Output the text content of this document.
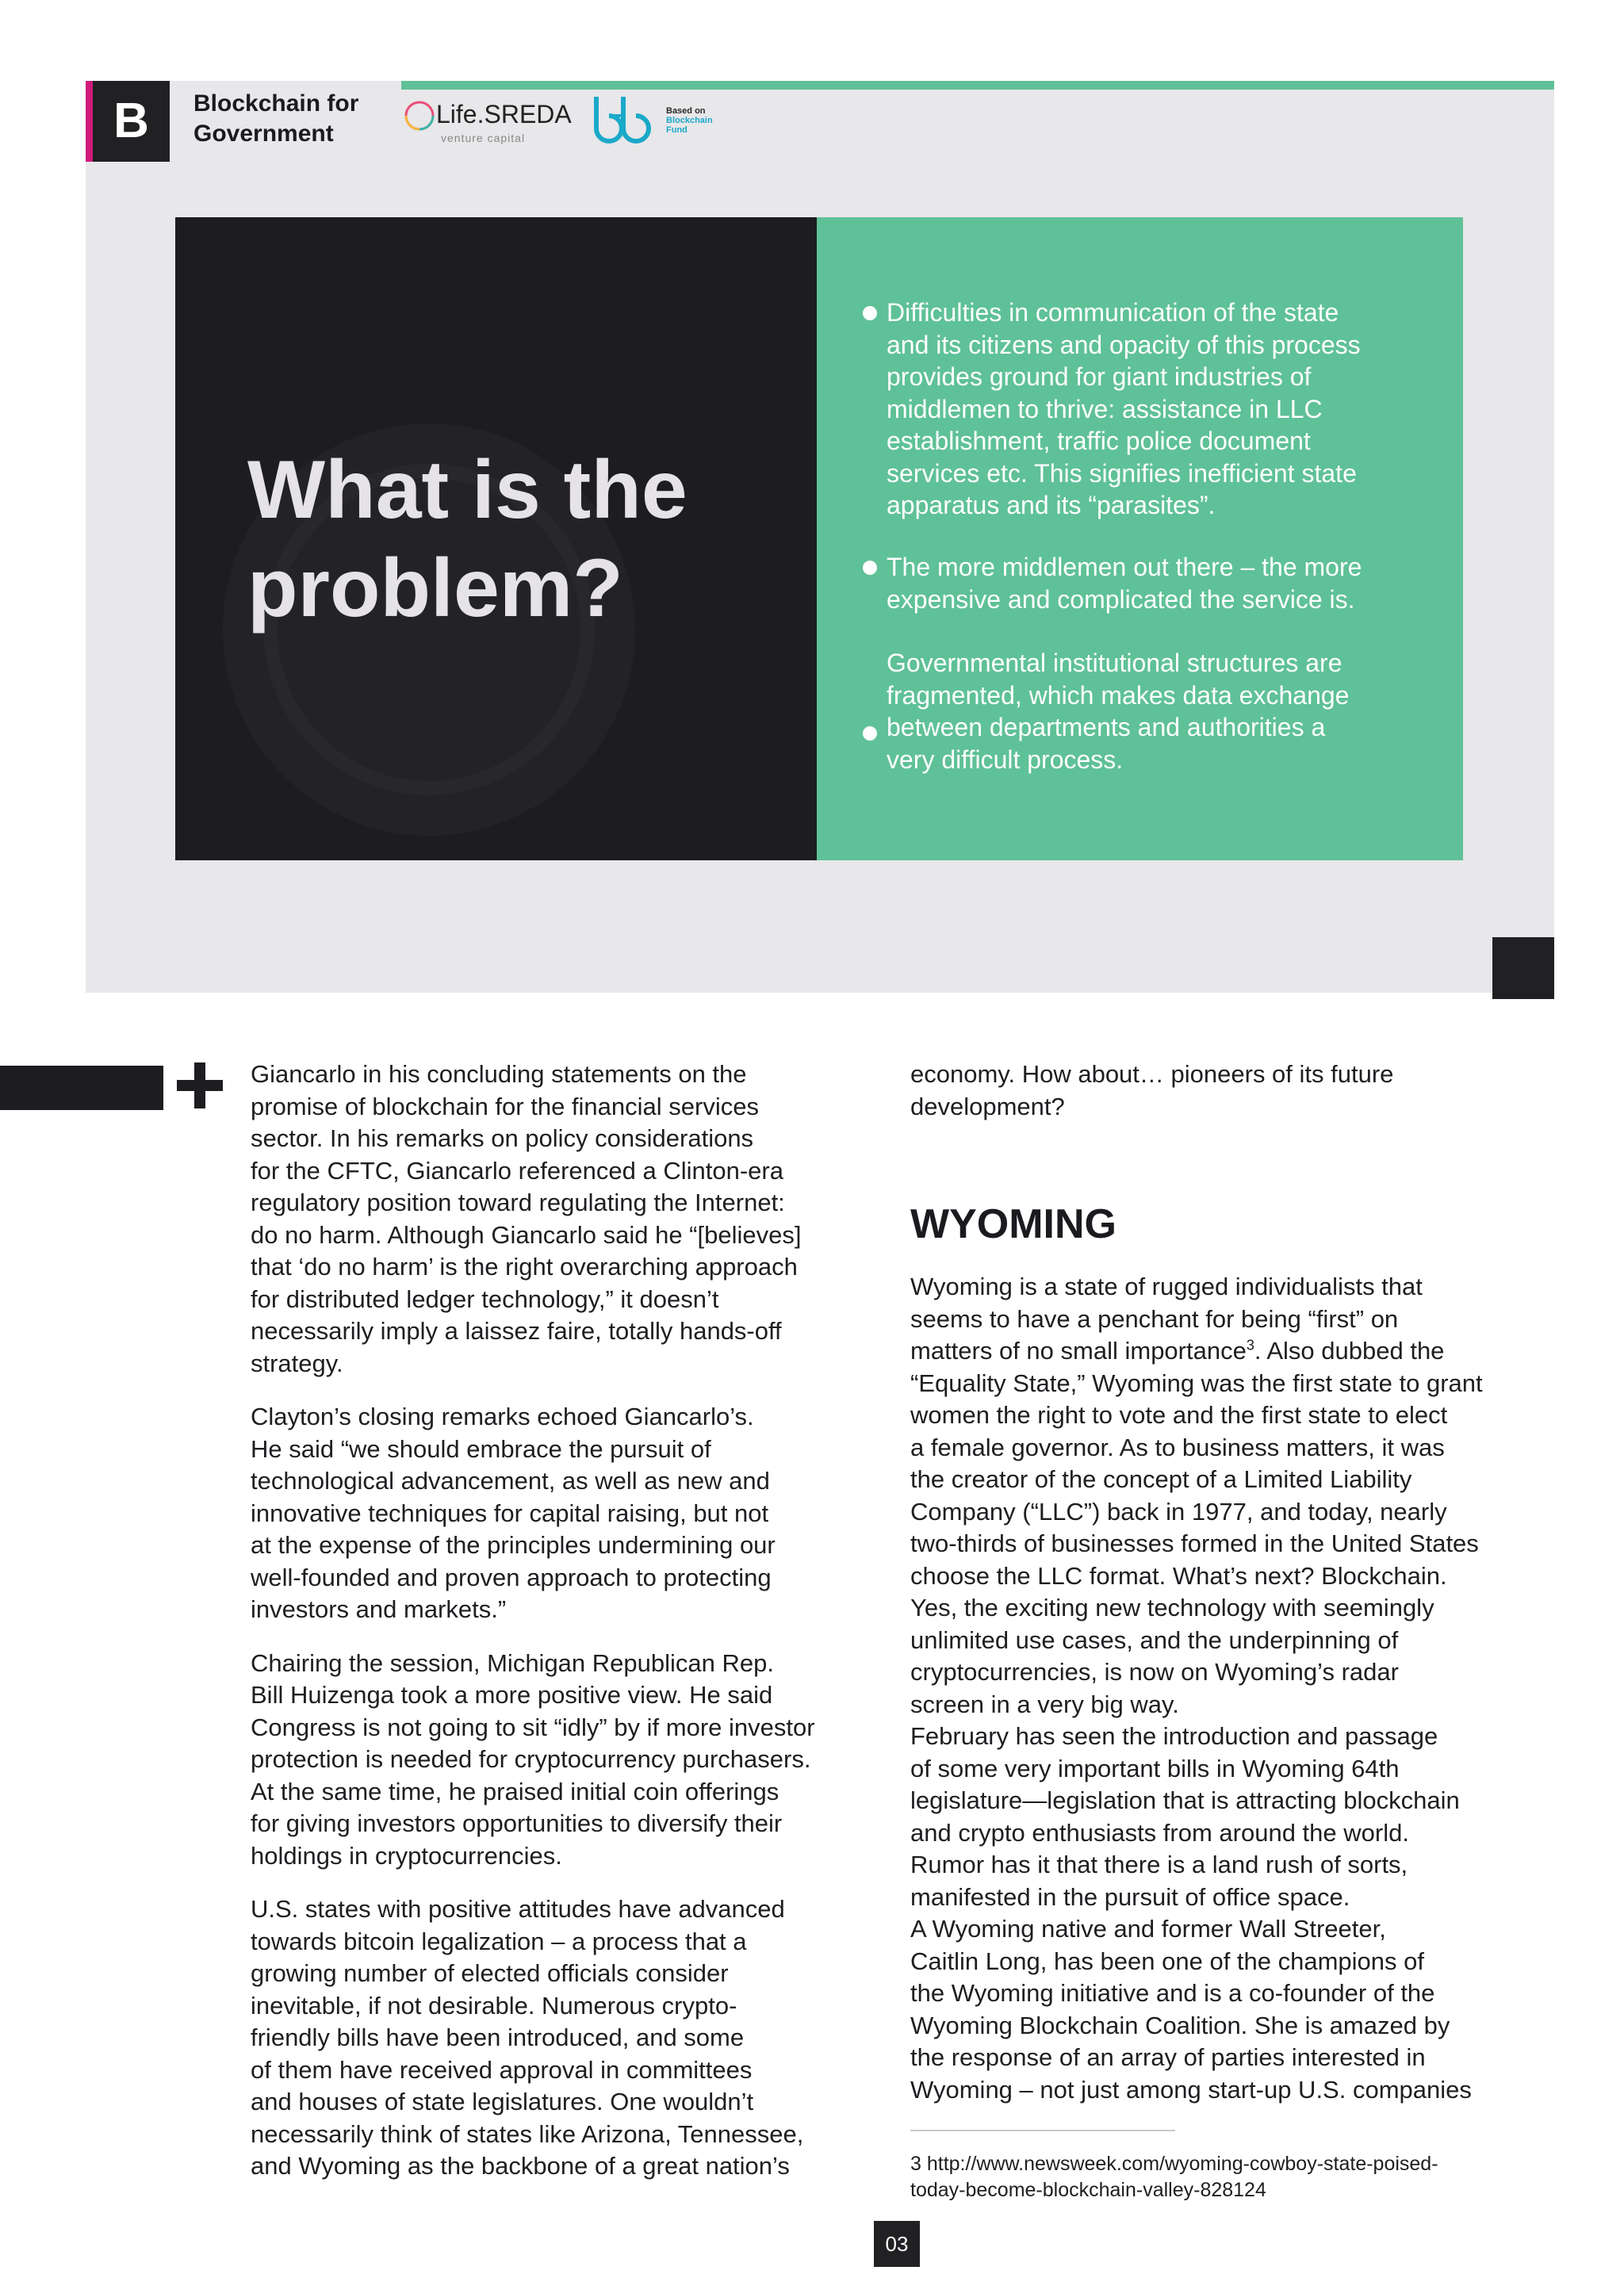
B	Blockchain for
Government
Life.SREDA
venture capital
Based on
Blockchain
Fund
What is the
problem?
Difficulties in communication of the state
and its citizens and opacity of this process
provides ground for giant industries of
middlemen to thrive: assistance in LLC
establishment, traffic police document
services etc. This signifies inefficient state
apparatus and its “parasites”.
The more middlemen out there – the more
expensive and complicated the service is.
Governmental institutional structures are
fragmented, which makes data exchange
between departments and authorities a
very difficult process.

Giancarlo in his concluding statements on the
promise of blockchain for the financial services
sector. In his remarks on policy considerations
for the CFTC, Giancarlo referenced a Clinton-era
regulatory position toward regulating the Internet:
do no harm. Although Giancarlo said he “[believes]
that ‘do no harm’ is the right overarching approach
for distributed ledger technology,” it doesn’t
necessarily imply a laissez faire, totally hands-off
strategy.

Clayton’s closing remarks echoed Giancarlo’s.
He said “we should embrace the pursuit of
technological advancement, as well as new and
innovative techniques for capital raising, but not
at the expense of the principles undermining our
well-founded and proven approach to protecting
investors and markets.”

Chairing the session, Michigan Republican Rep.
Bill Huizenga took a more positive view. He said
Congress is not going to sit “idly” by if more investor
protection is needed for cryptocurrency purchasers.
At the same time, he praised initial coin offerings
for giving investors opportunities to diversify their
holdings in cryptocurrencies.

U.S. states with positive attitudes have advanced
towards bitcoin legalization – a process that a
growing number of elected officials consider
inevitable, if not desirable. Numerous crypto-
friendly bills have been introduced, and some
of them have received approval in committees
and houses of state legislatures. One wouldn’t
necessarily think of states like Arizona, Tennessee,
and Wyoming as the backbone of a great nation’s

economy. How about… pioneers of its future
development?
WYOMING
Wyoming is a state of rugged individualists that
seems to have a penchant for being “first” on
matters of no small importance$^3$. Also dubbed the
“Equality State,” Wyoming was the first state to grant
women the right to vote and the first state to elect
a female governor. As to business matters, it was
the creator of the concept of a Limited Liability
Company (“LLC”) back in 1977, and today, nearly
two-thirds of businesses formed in the United States
choose the LLC format. What’s next? Blockchain.
Yes, the exciting new technology with seemingly
unlimited use cases, and the underpinning of
cryptocurrencies, is now on Wyoming’s radar
screen in a very big way.
February has seen the introduction and passage
of some very important bills in Wyoming 64th
legislature—legislation that is attracting blockchain
and crypto enthusiasts from around the world.
Rumor has it that there is a land rush of sorts,
manifested in the pursuit of office space.
A Wyoming native and former Wall Streeter,
Caitlin Long, has been one of the champions of
the Wyoming initiative and is a co-founder of the
Wyoming Blockchain Coalition. She is amazed by
the response of an array of parties interested in
Wyoming – not just among start-up U.S. companies
3 http://www.newsweek.com/wyoming-cowboy-state-poised-
today-become-blockchain-valley-828124
03
